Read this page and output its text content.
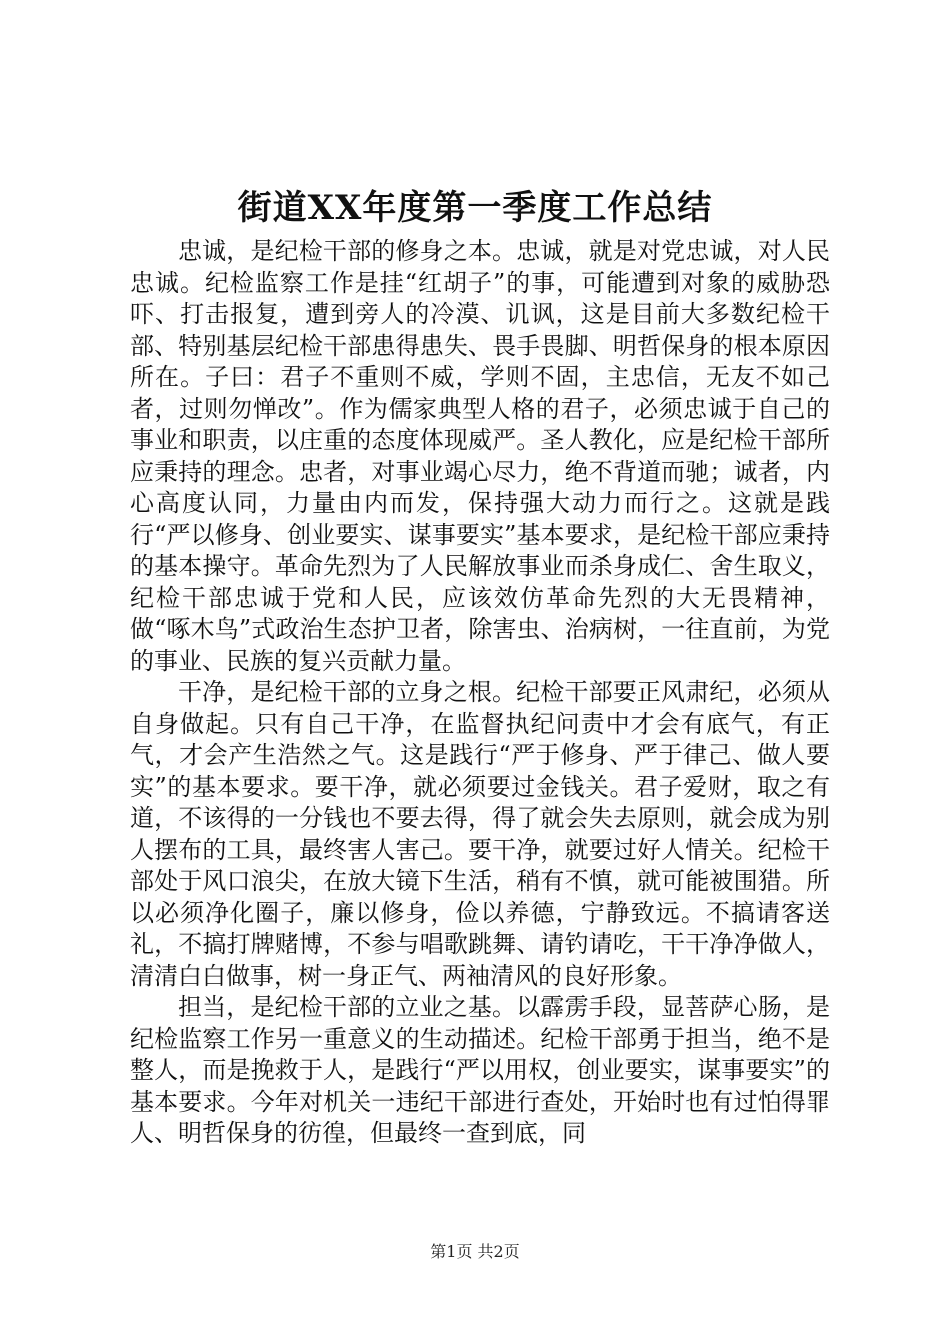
街道XX年度第一季度工作总结

忠诚，是纪检干部的修身之本。忠诚，就是对党忠诚，对人民忠诚。纪检监察工作是挂“红胡子”的事，可能遭到对象的威胁恐吓、打击报复，遭到旁人的冷漠、讥讽，这是目前大多数纪检干部、特别基层纪检干部患得患失、畏手畏脚、明哲保身的根本原因所在。子曰：君子不重则不威，学则不固，主忠信，无友不如己者，过则勿惮改”。作为儒家典型人格的君子，必须忠诚于自己的事业和职责，以庄重的态度体现威严。圣人教化，应是纪检干部所应秉持的理念。忠者，对事业竭心尽力，绝不背道而驰；诚者，内心高度认同，力量由内而发，保持强大动力而行之。这就是践行“严以修身、创业要实、谋事要实”基本要求，是纪检干部应秉持的基本操守。革命先烈为了人民解放事业而杀身成仁、舍生取义，纪检干部忠诚于党和人民，应该效仿革命先烈的大无畏精神，做“啄木鸟”式政治生态护卫者，除害虫、治病树，一往直前，为党的事业、民族的复兴贡献力量。

干净，是纪检干部的立身之根。纪检干部要正风肃纪，必须从自身做起。只有自己干净，在监督执纪问责中才会有底气，有正气，才会产生浩然之气。这是践行“严于修身、严于律己、做人要实”的基本要求。要干净，就必须要过金钱关。君子爱财，取之有道，不该得的一分钱也不要去得，得了就会失去原则，就会成为别人摆布的工具，最终害人害己。要干净，就要过好人情关。纪检干部处于风口浪尖，在放大镜下生活，稍有不慎，就可能被围猎。所以必须净化圈子，廉以修身，俭以养德，宁静致远。不搞请客送礼，不搞打牌赌博，不参与唱歌跳舞、请钓请吃，干干净净做人，清清白白做事，树一身正气、两袖清风的良好形象。

担当，是纪检干部的立业之基。以霹雳手段，显菩萨心肠，是纪检监察工作另一重意义的生动描述。纪检干部勇于担当，绝不是整人，而是挽救于人，是践行“严以用权，创业要实，谋事要实”的基本要求。今年对机关一违纪干部进行查处，开始时也有过怕得罪人、明哲保身的彷徨，但最终一查到底，同

第1页 共2页
